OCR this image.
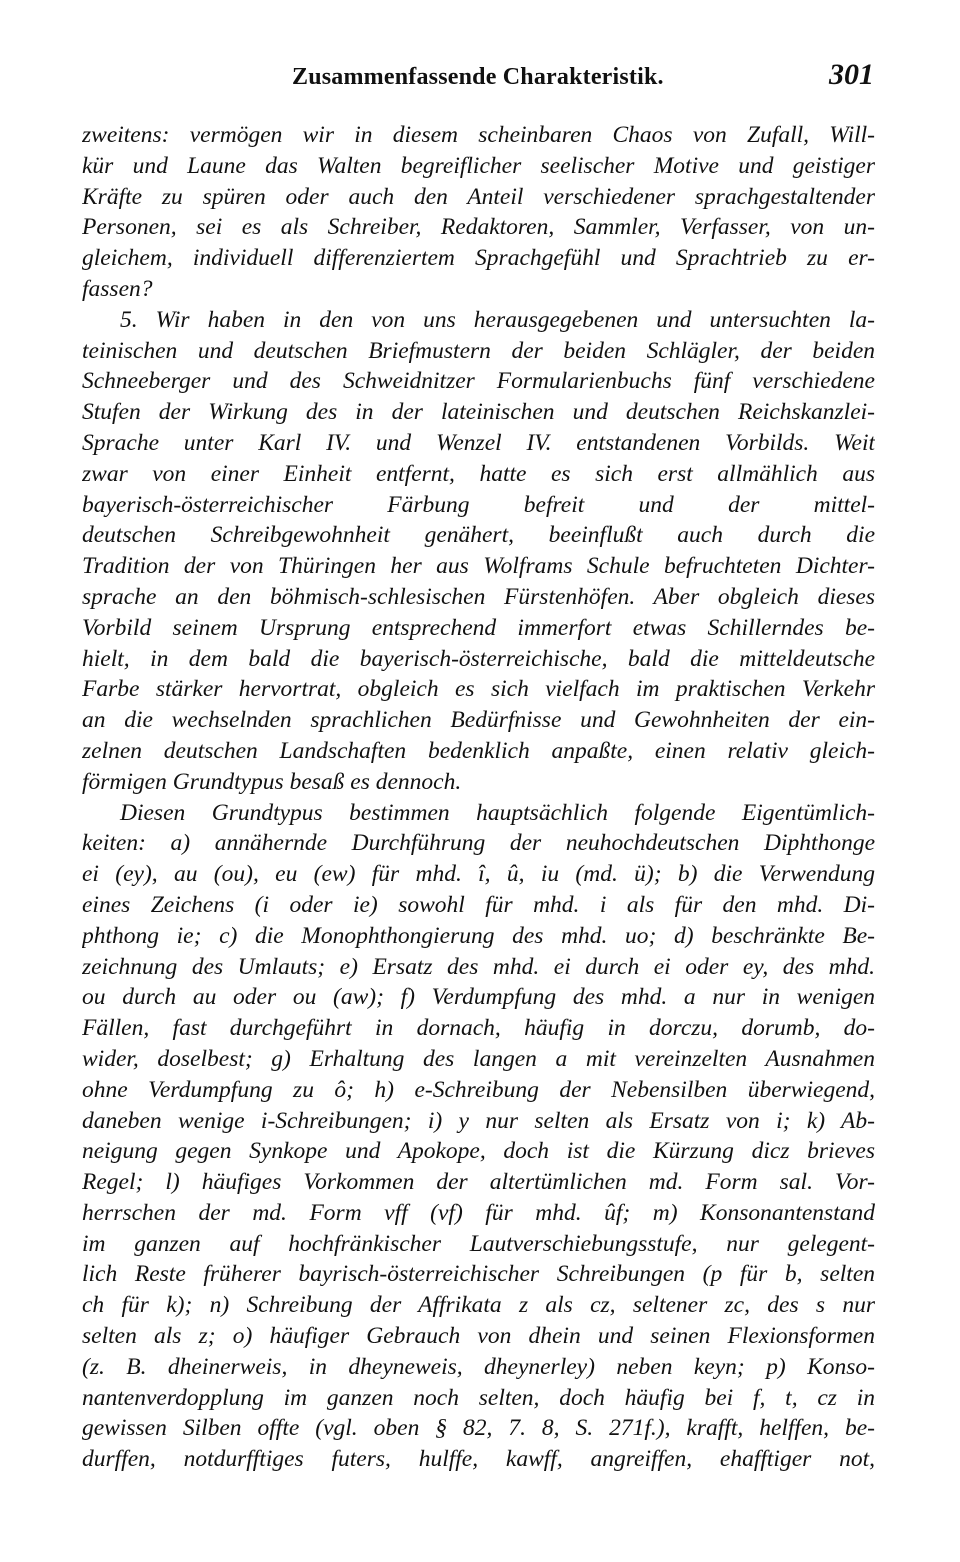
Zusammenfassende Charakteristik.	301
zweitens: vermögen wir in diesem scheinbaren Chaos von Zufall, Will-
kür und Laune das Walten begreiflicher seelischer Motive und geistiger
Kräfte zu spüren oder auch den Anteil verschiedener sprachgestaltender
Personen, sei es als Schreiber, Redaktoren, Sammler, Verfasser, von un-
gleichem, individuell differenziertem Sprachgefühl und Sprachtrieb zu er-
fassen?
5. Wir haben in den von uns herausgegebenen und untersuchten la-
teinischen und deutschen Briefmustern der beiden Schlägler, der beiden
Schneeberger und des Schweidnitzer Formularienbuchs fünf verschiedene
Stufen der Wirkung des in der lateinischen und deutschen Reichskanzlei-
Sprache unter Karl IV. und Wenzel IV. entstandenen Vorbilds. Weit
zwar von einer Einheit entfernt, hatte es sich erst allmählich aus
bayerisch-österreichischer Färbung befreit und der mittel-
deutschen Schreibgewohnheit genähert, beeinflußt auch durch die
Tradition der von Thüringen her aus Wolframs Schule befruchteten Dichter-
sprache an den böhmisch-schlesischen Fürstenhöfen. Aber obgleich dieses
Vorbild seinem Ursprung entsprechend immerfort etwas Schillerndes be-
hielt, in dem bald die bayerisch-österreichische, bald die mitteldeutsche
Farbe stärker hervortrat, obgleich es sich vielfach im praktischen Verkehr
an die wechselnden sprachlichen Bedürfnisse und Gewohnheiten der ein-
zelnen deutschen Landschaften bedenklich anpaßte, einen relativ gleich-
förmigen Grundtypus besaß es dennoch.
Diesen Grundtypus bestimmen hauptsächlich folgende Eigentümlich-
keiten: a) annähernde Durchführung der neuhochdeutschen Diphthonge
ei (ey), au (ou), eu (ew) für mhd. î, û, iu (md. ü); b) die Verwendung
eines Zeichens (i oder ie) sowohl für mhd. i als für den mhd. Di-
phthong ie; c) die Monophthongierung des mhd. uo; d) beschränkte Be-
zeichnung des Umlauts; e) Ersatz des mhd. ei durch ei oder ey, des mhd.
ou durch au oder ou (aw); f) Verdumpfung des mhd. a nur in wenigen
Fällen, fast durchgeführt in dornach, häufig in dorczu, dorumb, do-
wider, doselbest; g) Erhaltung des langen a mit vereinzelten Ausnahmen
ohne Verdumpfung zu ô; h) e-Schreibung der Nebensilben überwiegend,
daneben wenige i-Schreibungen; i) y nur selten als Ersatz von i; k) Ab-
neigung gegen Synkope und Apokope, doch ist die Kürzung dicz brieves
Regel; l) häufiges Vorkommen der altertümlichen md. Form sal. Vor-
herrschen der md. Form vff (vf) für mhd. ûf; m) Konsonantenstand
im ganzen auf hochfränkischer Lautverschiebungsstufe, nur gelegent-
lich Reste früherer bayrisch-österreichischer Schreibungen (p für b, selten
ch für k); n) Schreibung der Affrikata z als cz, seltener zc, des s nur
selten als z; o) häufiger Gebrauch von dhein und seinen Flexionsformen
(z. B. dheinerweis, in dheyneweis, dheynerley) neben keyn; p) Konso-
nantenverdopplung im ganzen noch selten, doch häufig bei f, t, cz in
gewissen Silben offte (vgl. oben § 82, 7. 8, S. 271f.), krafft, helffen, be-
durffen, notdurfftiges futers, hulffe, kawff, angreiffen, ehafftiger not,
